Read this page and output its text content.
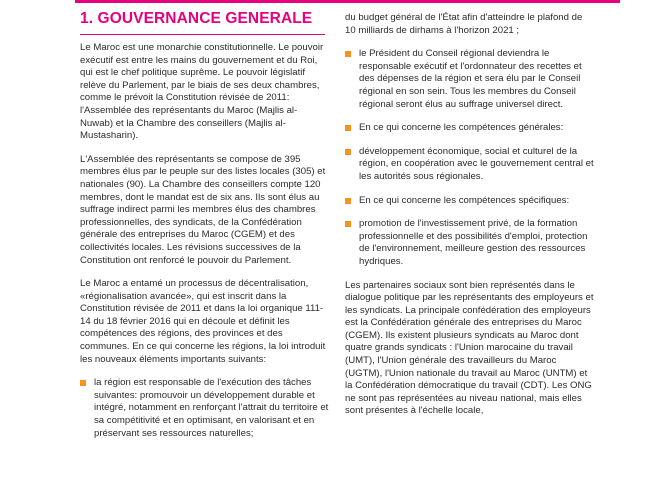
1. GOUVERNANCE GENERALE

Le Maroc est une monarchie constitutionnelle. Le pouvoir exécutif est entre les mains du gouvernement et du Roi, qui est le chef politique suprême. Le pouvoir législatif relève du Parlement, par le biais de ses deux chambres, comme le prévoit la Constitution révisée de 2011: l'Assemblée des représentants du Maroc (Majlis al-Nuwab) et la Chambre des conseillers (Majlis al-Mustasharin).

L'Assemblée des représentants se compose de 395 membres élus par le peuple sur des listes locales (305) et nationales (90). La Chambre des conseillers compte 120 membres, dont le mandat est de six ans. Ils sont élus au suffrage indirect parmi les membres élus des chambres professionnelles, des syndicats, de la Confédération générale des entreprises du Maroc (CGEM) et des collectivités locales. Les révisions successives de la Constitution ont renforcé le pouvoir du Parlement.

Le Maroc a entamé un processus de décentralisation, «régionalisation avancée», qui est inscrit dans la Constitution révisée de 2011 et dans la loi organique 111-14 du 18 février 2016 qui en découle et définit les compétences des régions, des provinces et des communes. En ce qui concerne les régions, la loi introduit les nouveaux éléments importants suivants:

la région est responsable de l'exécution des tâches suivantes: promouvoir un développement durable et intégré, notamment en renforçant l'attrait du territoire et sa compétitivité et en optimisant, en valorisant et en préservant ses ressources naturelles;
du budget général de l'État afin d'atteindre le plafond de 10 milliards de dirhams à l'horizon 2021 ;
le Président du Conseil régional deviendra le responsable exécutif et l'ordonnateur des recettes et des dépenses de la région et sera élu par le Conseil régional en son sein. Tous les membres du Conseil régional seront élus au suffrage universel direct.
En ce qui concerne les compétences générales:
développement économique, social et culturel de la région, en coopération avec le gouvernement central et les autorités sous régionales.
En ce qui concerne les compétences spécifiques:
promotion de l'investissement privé, de la formation professionnelle et des possibilités d'emploi, protection de l'environnement, meilleure gestion des ressources hydriques.

Les partenaires sociaux sont bien représentés dans le dialogue politique par les représentants des employeurs et les syndicats. La principale confédération des employeurs est la Confédération générale des entreprises du Maroc (CGEM). Ils existent plusieurs syndicats au Maroc dont quatre grands syndicats : l'Union marocaine du travail (UMT), l'Union générale des travailleurs du Maroc (UGTM), l'Union nationale du travail au Maroc (UNTM) et la Confédération démocratique du travail (CDT). Les ONG ne sont pas représentées au niveau national, mais elles sont présentes à l'échelle locale,
